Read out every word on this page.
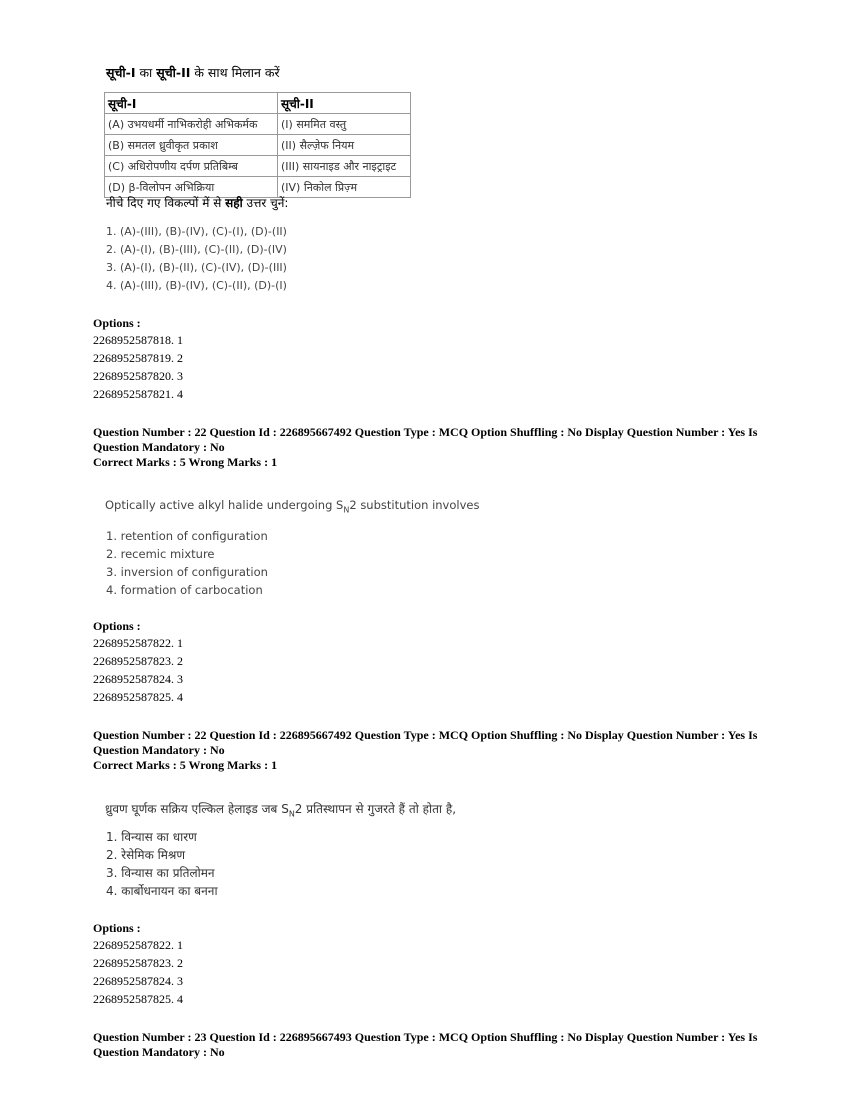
सूची-I का सूची-II के साथ मिलान करें
सूची-I	सूची-II
(A) उभयधर्मी नाभिकरोही अभिकर्मक	(I) सममित वस्तु
(B) समतल ध्रुवीकृत प्रकाश	(II) सैल्ज़ेफ नियम
(C) अधिरोपणीय दर्पण प्रतिबिम्ब	(III) सायनाइड और नाइट्राइट
(D) β-विलोपन अभिक्रिया	(IV) निकोल प्रिज़्म
नीचे दिए गए विकल्पों में से सही उत्तर चुनें:
1. (A)-(III), (B)-(IV), (C)-(I), (D)-(II)
2. (A)-(I), (B)-(III), (C)-(II), (D)-(IV)
3. (A)-(I), (B)-(II), (C)-(IV), (D)-(III)
4. (A)-(III), (B)-(IV), (C)-(II), (D)-(I)
Options :
2268952587818. 1
2268952587819. 2
2268952587820. 3
2268952587821. 4
Question Number : 22 Question Id : 226895667492 Question Type : MCQ Option Shuffling : No Display Question Number : Yes Is
Question Mandatory : No
Correct Marks : 5 Wrong Marks : 1
Optically active alkyl halide undergoing $S_N2$ substitution involves
1. retention of configuration
2. recemic mixture
3. inversion of configuration
4. formation of carbocation
Options :
2268952587822. 1
2268952587823. 2
2268952587824. 3
2268952587825. 4
Question Number : 22 Question Id : 226895667492 Question Type : MCQ Option Shuffling : No Display Question Number : Yes Is
Question Mandatory : No
Correct Marks : 5 Wrong Marks : 1
ध्रुवण घूर्णक सक्रिय एल्किल हेलाइड जब $S_N2$ प्रतिस्थापन से गुजरते हैं तो होता है,
1. विन्यास का धारण
2. रेसेमिक मिश्रण
3. विन्यास का प्रतिलोमन
4. कार्बोधनायन का बनना
Options :
2268952587822. 1
2268952587823. 2
2268952587824. 3
2268952587825. 4
Question Number : 23 Question Id : 226895667493 Question Type : MCQ Option Shuffling : No Display Question Number : Yes Is
Question Mandatory : No
